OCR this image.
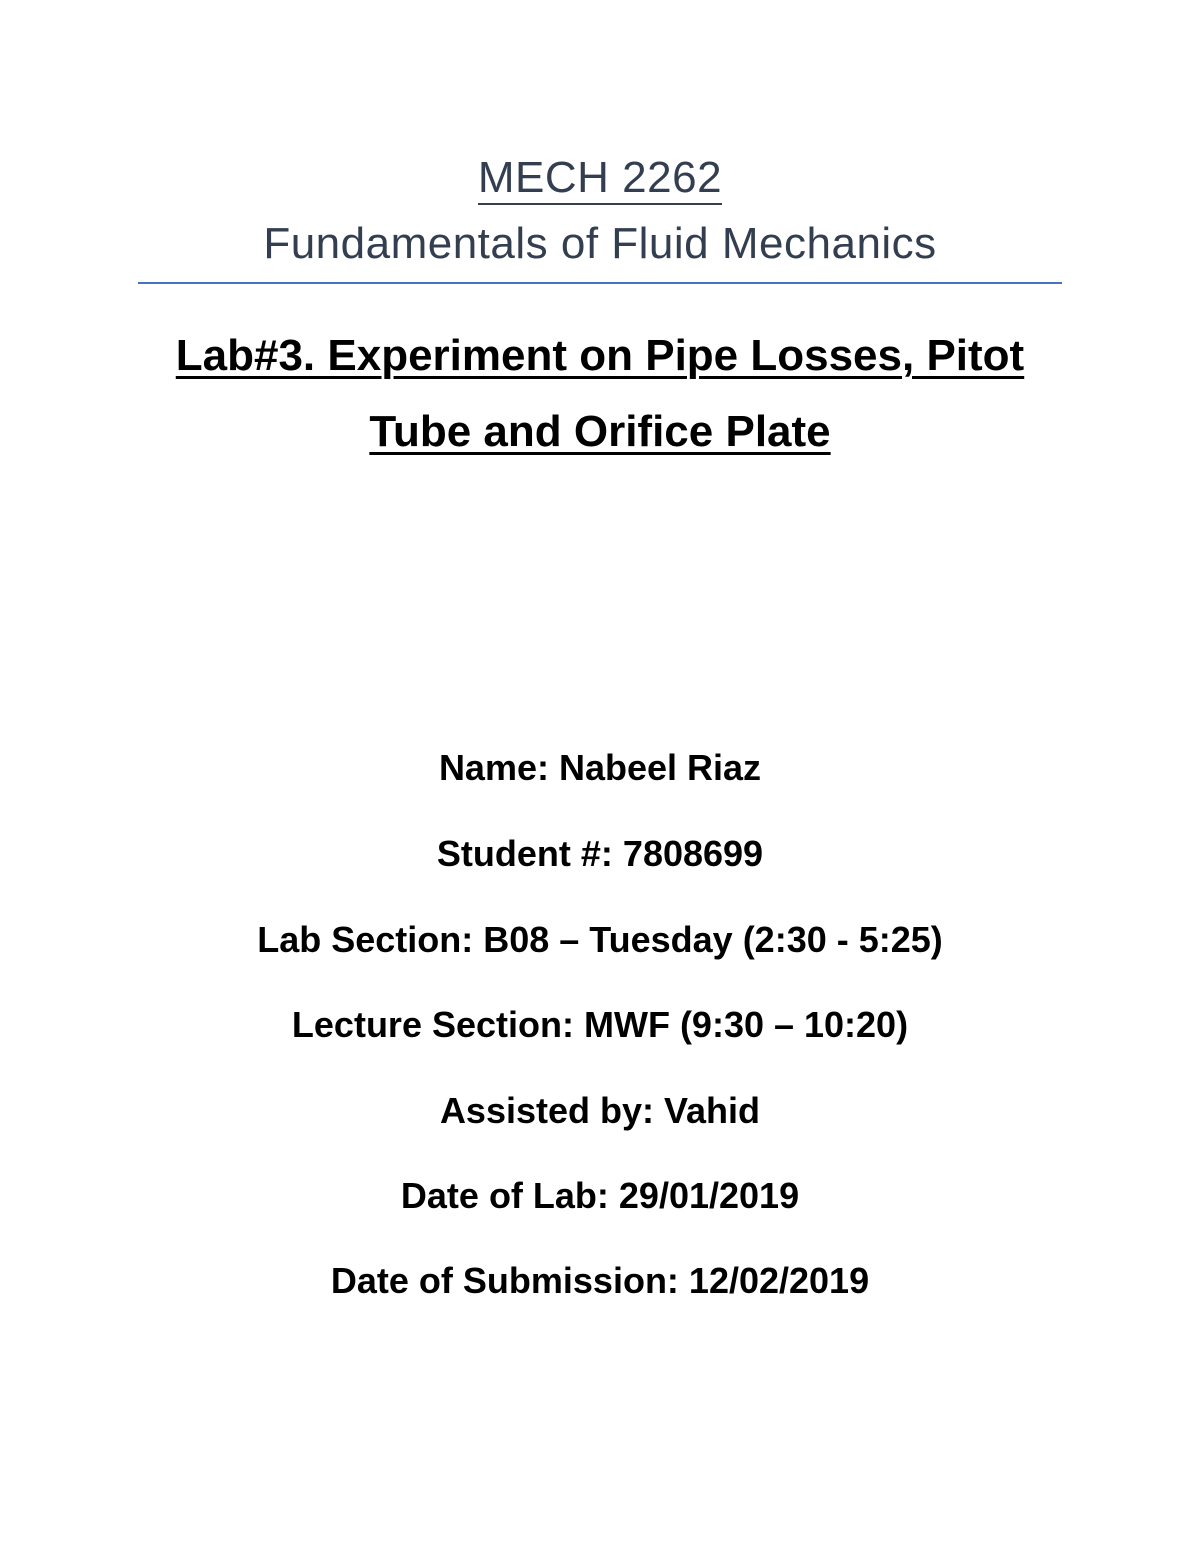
MECH 2262
Fundamentals of Fluid Mechanics
Lab#3. Experiment on Pipe Losses, Pitot
Tube and Orifice Plate
Name: Nabeel Riaz
Student #: 7808699
Lab Section: B08 – Tuesday (2:30 - 5:25)
Lecture Section: MWF (9:30 – 10:20)
Assisted by: Vahid
Date of Lab: 29/01/2019
Date of Submission: 12/02/2019
